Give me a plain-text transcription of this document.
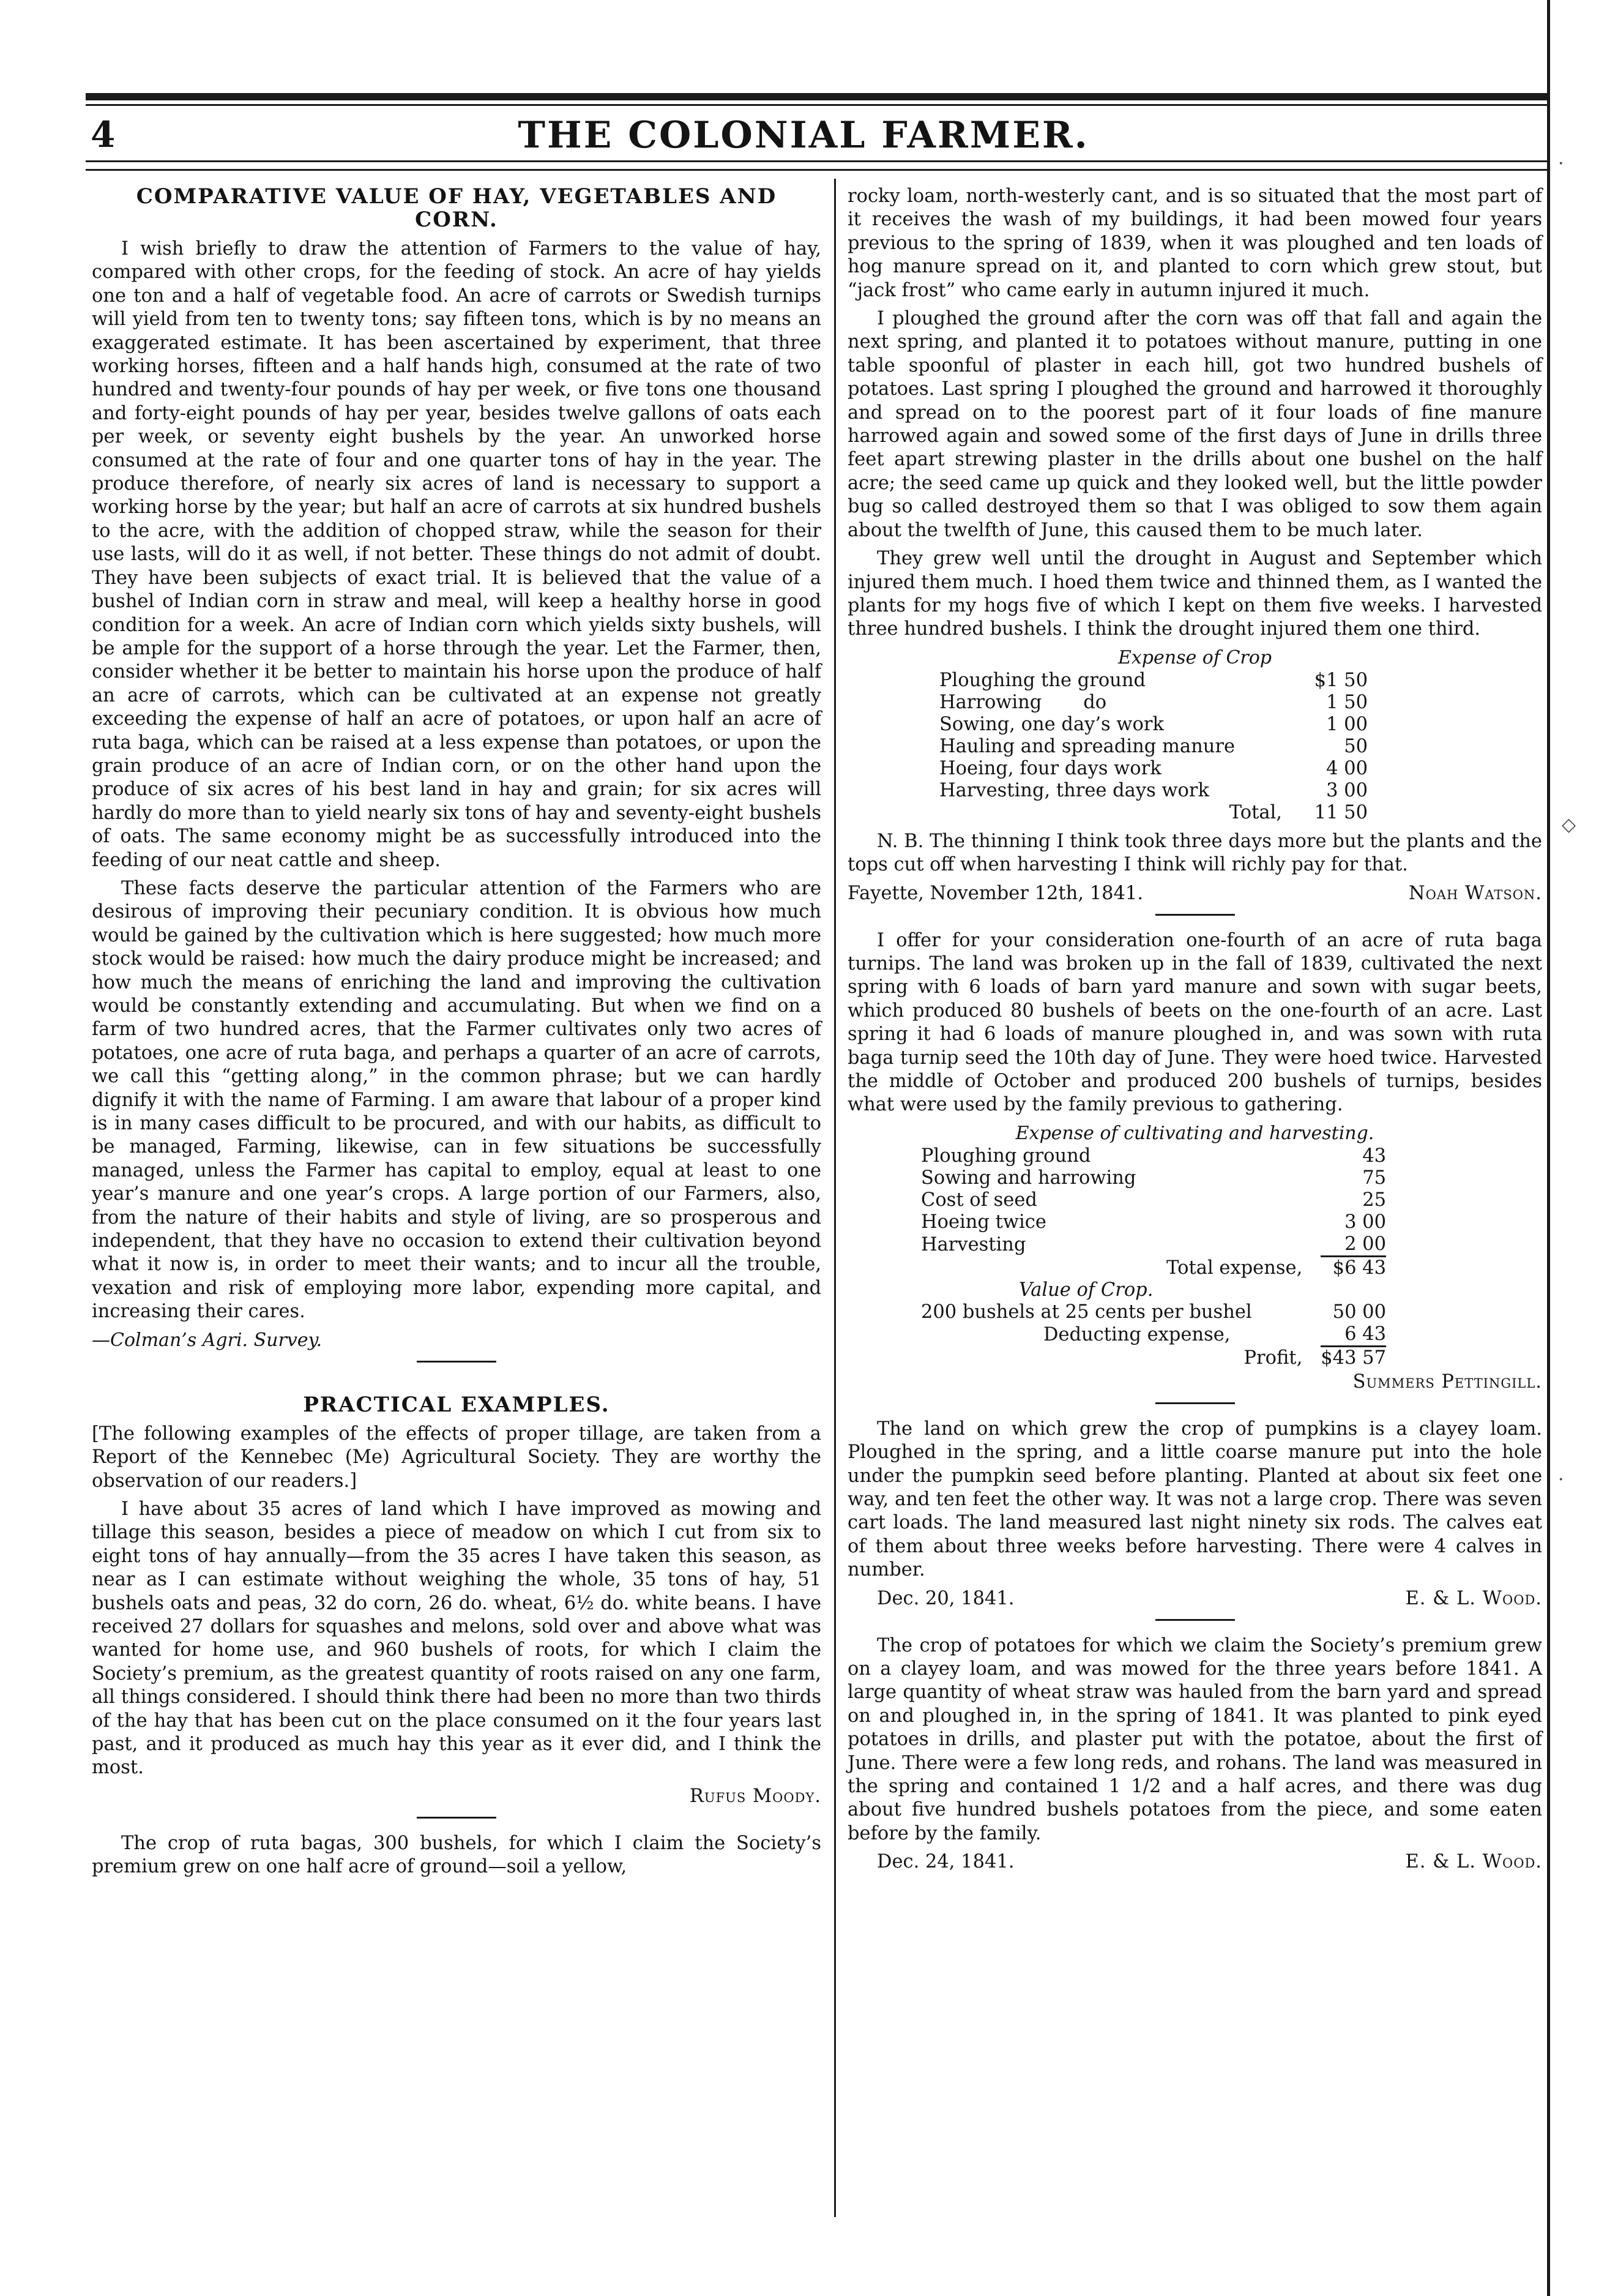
4	THE COLONIAL FARMER.
COMPARATIVE VALUE OF HAY, VEGETABLES AND CORN.

I wish briefly to draw the attention of Farmers to the value of hay, compared with other crops, for the feeding of stock. An acre of hay yields one ton and a half of vegetable food. An acre of carrots or Swedish turnips will yield from ten to twenty tons; say fifteen tons, which is by no means an exaggerated estimate. It has been ascertained by experiment, that three working horses, fifteen and a half hands high, consumed at the rate of two hundred and twenty-four pounds of hay per week, or five tons one thousand and forty-eight pounds of hay per year, besides twelve gallons of oats each per week, or seventy eight bushels by the year. An unworked horse consumed at the rate of four and one quarter tons of hay in the year. The produce therefore, of nearly six acres of land is necessary to support a working horse by the year; but half an acre of carrots at six hundred bushels to the acre, with the addition of chopped straw, while the season for their use lasts, will do it as well, if not better. These things do not admit of doubt. They have been subjects of exact trial. It is believed that the value of a bushel of Indian corn in straw and meal, will keep a healthy horse in good condition for a week. An acre of Indian corn which yields sixty bushels, will be ample for the support of a horse through the year. Let the Farmer, then, consider whether it be better to maintain his horse upon the produce of half an acre of carrots, which can be cultivated at an expense not greatly exceeding the expense of half an acre of potatoes, or upon half an acre of ruta baga, which can be raised at a less expense than potatoes, or upon the grain produce of an acre of Indian corn, or on the other hand upon the produce of six acres of his best land in hay and grain; for six acres will hardly do more than to yield nearly six tons of hay and seventy-eight bushels of oats. The same economy might be as successfully introduced into the feeding of our neat cattle and sheep.

These facts deserve the particular attention of the Farmers who are desirous of improving their pecuniary condition. It is obvious how much would be gained by the cultivation which is here suggested; how much more stock would be raised: how much the dairy produce might be increased; and how much the means of enriching the land and improving the cultivation would be constantly extending and accumulating. But when we find on a farm of two hundred acres, that the Farmer cultivates only two acres of potatoes, one acre of ruta baga, and perhaps a quarter of an acre of carrots, we call this “getting along,” in the common phrase; but we can hardly dignify it with the name of Farming. I am aware that labour of a proper kind is in many cases difficult to be procured, and with our habits, as difficult to be managed, Farming, likewise, can in few situations be successfully managed, unless the Farmer has capital to employ, equal at least to one year’s manure and one year’s crops. A large portion of our Farmers, also, from the nature of their habits and style of living, are so prosperous and independent, that they have no occasion to extend their cultivation beyond what it now is, in order to meet their wants; and to incur all the trouble, vexation and risk of employing more labor, expending more capital, and increasing their cares.

—Colman’s Agri. Survey.
PRACTICAL EXAMPLES.

[The following examples of the effects of proper tillage, are taken from a Report of the Kennebec (Me) Agricultural Society. They are worthy the observation of our readers.]

I have about 35 acres of land which I have improved as mowing and tillage this season, besides a piece of meadow on which I cut from six to eight tons of hay annually—from the 35 acres I have taken this season, as near as I can estimate without weighing the whole, 35 tons of hay, 51 bushels oats and peas, 32 do corn, 26 do. wheat, 6½ do. white beans. I have received 27 dollars for squashes and melons, sold over and above what was wanted for home use, and 960 bushels of roots, for which I claim the Society’s premium, as the greatest quantity of roots raised on any one farm, all things considered. I should think there had been no more than two thirds of the hay that has been cut on the place consumed on it the four years last past, and it produced as much hay this year as it ever did, and I think the most.

Rufus Moody.

The crop of ruta bagas, 300 bushels, for which I claim the Society’s premium grew on one half acre of ground—soil a yellow,

rocky loam, north-westerly cant, and is so situated that the most part of it receives the wash of my buildings, it had been mowed four years previous to the spring of 1839, when it was ploughed and ten loads of hog manure spread on it, and planted to corn which grew stout, but “jack frost” who came early in autumn injured it much.

I ploughed the ground after the corn was off that fall and again the next spring, and planted it to potatoes without manure, putting in one table spoonful of plaster in each hill, got two hundred bushels of potatoes. Last spring I ploughed the ground and harrowed it thoroughly and spread on to the poorest part of it four loads of fine manure harrowed again and sowed some of the first days of June in drills three feet apart strewing plaster in the drills about one bushel on the half acre; the seed came up quick and they looked well, but the little powder bug so called destroyed them so that I was obliged to sow them again about the twelfth of June, this caused them to be much later.

They grew well until the drought in August and September which injured them much. I hoed them twice and thinned them, as I wanted the plants for my hogs five of which I kept on them five weeks. I harvested three hundred bushels. I think the drought injured them one third.

Expense of Crop
Ploughing the ground	$1 50
Harrowing       do	1 50
Sowing, one day’s work	1 00
Hauling and spreading manure	50
Hoeing, four days work	4 00
Harvesting, three days work	3 00
Total,	11 50

N. B. The thinning I think took three days more but the plants and the tops cut off when harvesting I think will richly pay for that.

Fayette, November 12th, 1841.	Noah Watson.

I offer for your consideration one-fourth of an acre of ruta baga turnips. The land was broken up in the fall of 1839, cultivated the next spring with 6 loads of barn yard manure and sown with sugar beets, which produced 80 bushels of beets on the one-fourth of an acre. Last spring it had 6 loads of manure ploughed in, and was sown with ruta baga turnip seed the 10th day of June. They were hoed twice. Harvested the middle of October and produced 200 bushels of turnips, besides what were used by the family previous to gathering.

Expense of cultivating and harvesting.
Ploughing ground	43
Sowing and harrowing	75
Cost of seed	25
Hoeing twice	3 00
Harvesting	2 00
Total expense,	$6 43
Value of Crop.	
200 bushels at 25 cents per bushel	50 00
Deducting expense,	6 43
Profit,	$43 57
Summers Pettingill.

The land on which grew the crop of pumpkins is a clayey loam. Ploughed in the spring, and a little coarse manure put into the hole under the pumpkin seed before planting. Planted at about six feet one way, and ten feet the other way. It was not a large crop. There was seven cart loads. The land measured last night ninety six rods. The calves eat of them about three weeks before harvesting. There were 4 calves in number.

Dec. 20, 1841.	E. & L. Wood.

The crop of potatoes for which we claim the Society’s premium grew on a clayey loam, and was mowed for the three years before 1841. A large quantity of wheat straw was hauled from the barn yard and spread on and ploughed in, in the spring of 1841. It was planted to pink eyed potatoes in drills, and plaster put with the potatoe, about the first of June. There were a few long reds, and rohans. The land was measured in the spring and contained 1 1/2 and a half acres, and there was dug about five hundred bushels potatoes from the piece, and some eaten before by the family.

Dec. 24, 1841.	E. & L. Wood.
·
◇
·
